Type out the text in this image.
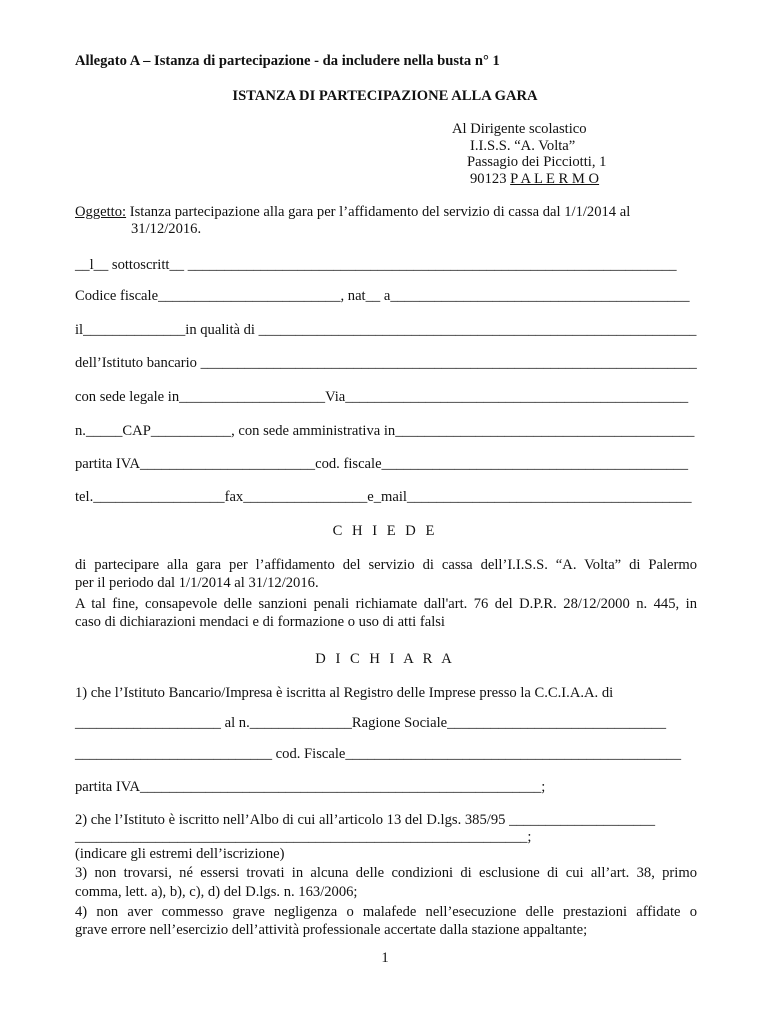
Allegato A – Istanza di partecipazione - da includere nella busta n° 1
ISTANZA DI PARTECIPAZIONE ALLA GARA
Al Dirigente scolastico
I.I.S.S. “A. Volta”
Passagio dei Picciotti, 1
90123 P A L E R M O
Oggetto: Istanza partecipazione alla gara per l’affidamento del servizio di cassa dal 1/1/2014 al
31/12/2016.
__l__ sottoscritt__ ___________________________________________________________________
Codice fiscale_________________________, nat__ a_________________________________________
il______________in qualità di ____________________________________________________________
dell’Istituto bancario ____________________________________________________________________
con sede legale in____________________Via_______________________________________________
n._____CAP___________, con sede amministrativa in_________________________________________
partita IVA________________________cod. fiscale__________________________________________
tel.__________________fax_________________e_mail_______________________________________
C H I E D E
di partecipare alla gara per l’affidamento del servizio di cassa dell’I.I.S.S. “A. Volta” di Palermo
per il periodo dal 1/1/2014 al 31/12/2016.
A tal fine, consapevole delle sanzioni penali richiamate dall'art. 76 del D.P.R. 28/12/2000 n. 445, in
caso di dichiarazioni mendaci e di formazione o uso di atti falsi
D I C H I A R A
1) che l’Istituto Bancario/Impresa è iscritta al Registro delle Imprese presso la C.C.I.A.A. di
____________________ al n.______________Ragione Sociale______________________________
___________________________ cod. Fiscale______________________________________________
partita IVA_______________________________________________________;
2) che l’Istituto è iscritto nell’Albo di cui all’articolo 13 del D.lgs. 385/95 ____________________
______________________________________________________________;
(indicare gli estremi dell’iscrizione)
3) non trovarsi, né essersi trovati in alcuna delle condizioni di esclusione di cui all’art. 38, primo
comma, lett. a), b), c), d) del D.lgs. n. 163/2006;
4) non aver commesso grave negligenza o malafede nell’esecuzione delle prestazioni affidate o
grave errore nell’esercizio dell’attività professionale accertate dalla stazione appaltante;
1
